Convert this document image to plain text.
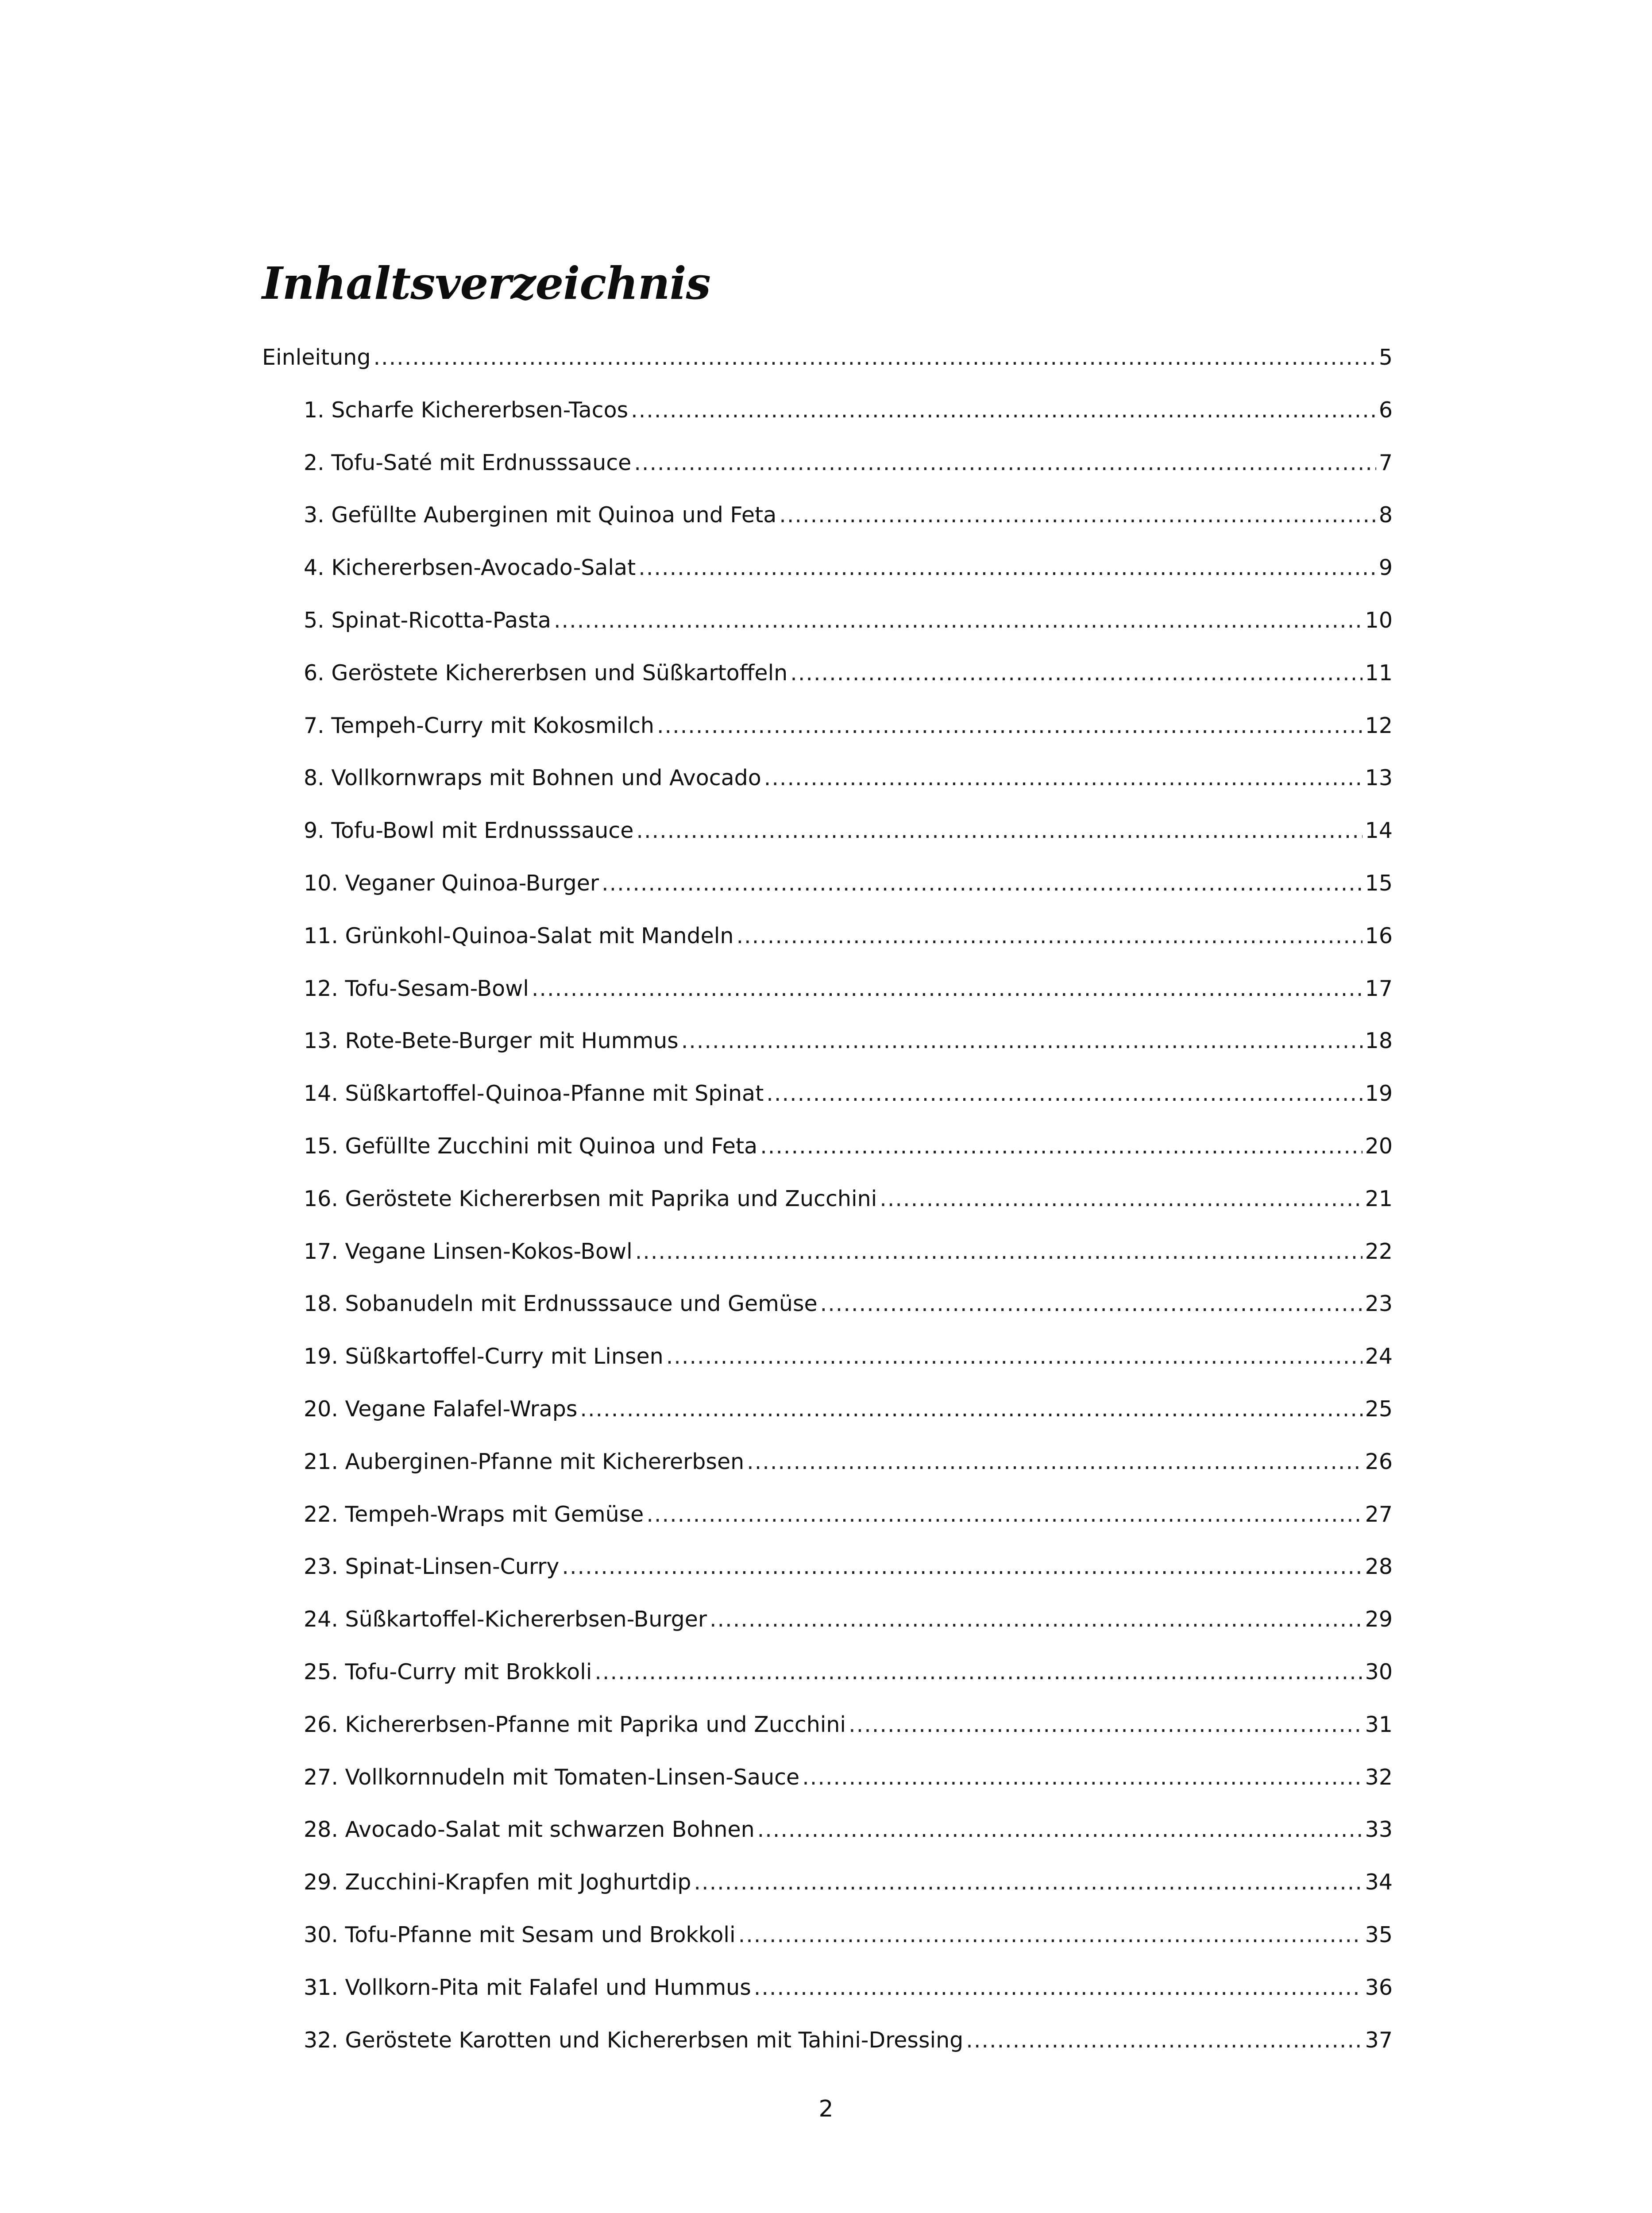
Inhaltsverzeichnis
Einleitung .....	5
1. Scharfe Kichererbsen-Tacos .....	6
2. Tofu-Saté mit Erdnusssauce .....	7
3. Gefüllte Auberginen mit Quinoa und Feta .....	8
4. Kichererbsen-Avocado-Salat .....	9
5. Spinat-Ricotta-Pasta .....	10
6. Geröstete Kichererbsen und Süßkartoffeln .....	11
7. Tempeh-Curry mit Kokosmilch .....	12
8. Vollkornwraps mit Bohnen und Avocado .....	13
9. Tofu-Bowl mit Erdnusssauce .....	14
10. Veganer Quinoa-Burger .....	15
11. Grünkohl-Quinoa-Salat mit Mandeln .....	16
12. Tofu-Sesam-Bowl .....	17
13. Rote-Bete-Burger mit Hummus .....	18
14. Süßkartoffel-Quinoa-Pfanne mit Spinat .....	19
15. Gefüllte Zucchini mit Quinoa und Feta .....	20
16. Geröstete Kichererbsen mit Paprika und Zucchini .....	21
17. Vegane Linsen-Kokos-Bowl .....	22
18. Sobanudeln mit Erdnusssauce und Gemüse .....	23
19. Süßkartoffel-Curry mit Linsen .....	24
20. Vegane Falafel-Wraps .....	25
21. Auberginen-Pfanne mit Kichererbsen .....	26
22. Tempeh-Wraps mit Gemüse .....	27
23. Spinat-Linsen-Curry .....	28
24. Süßkartoffel-Kichererbsen-Burger .....	29
25. Tofu-Curry mit Brokkoli .....	30
26. Kichererbsen-Pfanne mit Paprika und Zucchini .....	31
27. Vollkornnudeln mit Tomaten-Linsen-Sauce .....	32
28. Avocado-Salat mit schwarzen Bohnen .....	33
29. Zucchini-Krapfen mit Joghurtdip .....	34
30. Tofu-Pfanne mit Sesam und Brokkoli .....	35
31. Vollkorn-Pita mit Falafel und Hummus .....	36
32. Geröstete Karotten und Kichererbsen mit Tahini-Dressing .....	37
2
